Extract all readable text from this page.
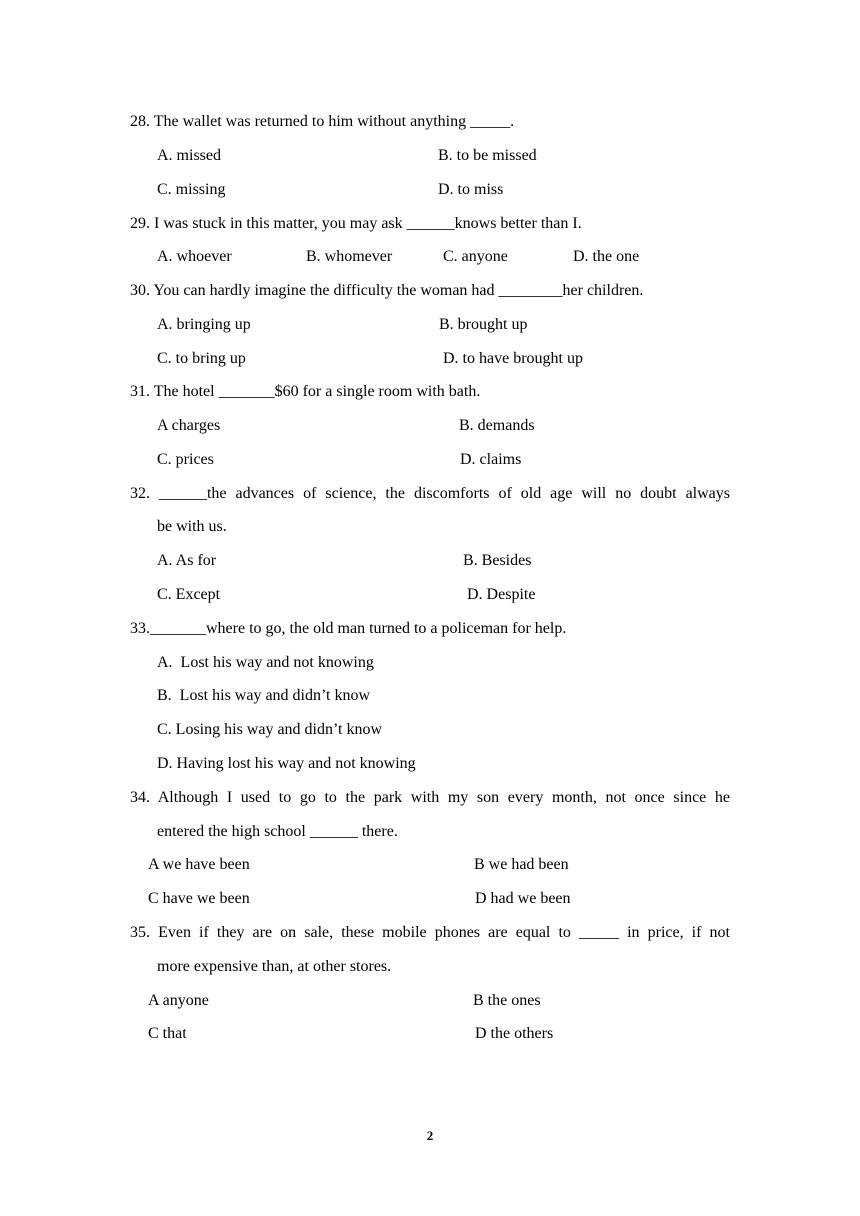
28. The wallet was returned to him without anything _____.
A. missed	B. to be missed
C. missing	D. to miss
29. I was stuck in this matter, you may ask ______knows better than I.
A. whoever	B. whomever	C. anyone	D. the one
30. You can hardly imagine the difficulty the woman had ________her children.
A. bringing up	B. brought up
C. to bring up	D. to have brought up
31. The hotel _______$60 for a single room with bath.
A charges	B. demands
C. prices	D. claims
32. ______the advances of science, the discomforts of old age will no doubt always
be with us.
A. As for	B. Besides
C. Except	D. Despite
33._______where to go, the old man turned to a policeman for help.
A.  Lost his way and not knowing
B.  Lost his way and didn’t know
C. Losing his way and didn’t know
D. Having lost his way and not knowing
34. Although I used to go to the park with my son every month, not once since he
entered the high school ______ there.
A we have been	B we had been
C have we been	D had we been
35. Even if they are on sale, these mobile phones are equal to _____ in price, if not
more expensive than, at other stores.
A anyone	B the ones
C that	D the others
2
